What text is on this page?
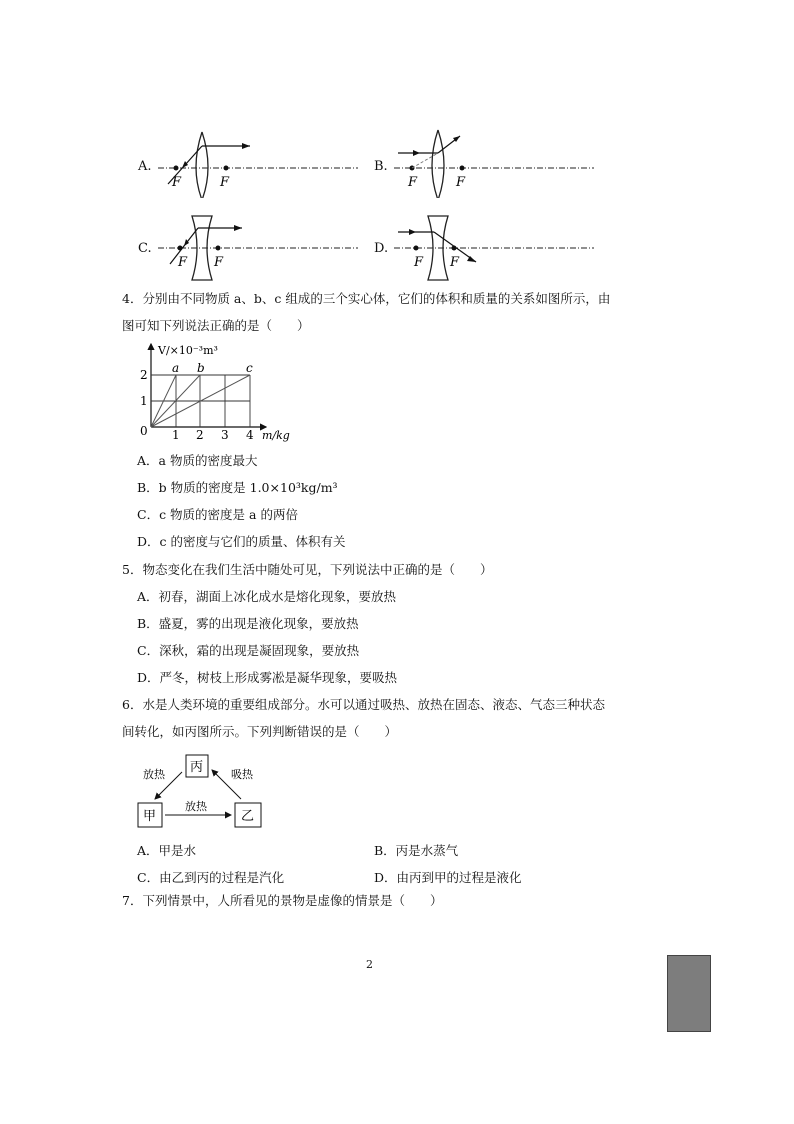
A.
F	F
B.
F	F
C.
F F
D.
F F
4．分别由不同物质 a、b、c 组成的三个实心体，它们的体积和质量的关系如图所示，由
图可知下列说法正确的是（　　）
V/×10⁻³m³
a b	c
2
1
0 1 2 3 4 m/kg
A．a 物质的密度最大
B．b 物质的密度是 1.0×10³kg/m³
C．c 物质的密度是 a 的两倍
D．c 的密度与它们的质量、体积有关
5．物态变化在我们生活中随处可见，下列说法中正确的是（　　）
A．初春，湖面上冰化成水是熔化现象，要放热
B．盛夏，雾的出现是液化现象，要放热
C．深秋，霜的出现是凝固现象，要放热
D．严冬，树枝上形成雾凇是凝华现象，要吸热
6．水是人类环境的重要组成部分。水可以通过吸热、放热在固态、液态、气态三种状态
间转化，如丙图所示。下列判断错误的是（　　）
丙
甲	乙
放热	吸热
放热
A．甲是水	B．丙是水蒸气
C．由乙到丙的过程是汽化	D．由丙到甲的过程是液化
7．下列情景中，人所看见的景物是虚像的情景是（　　）
2
